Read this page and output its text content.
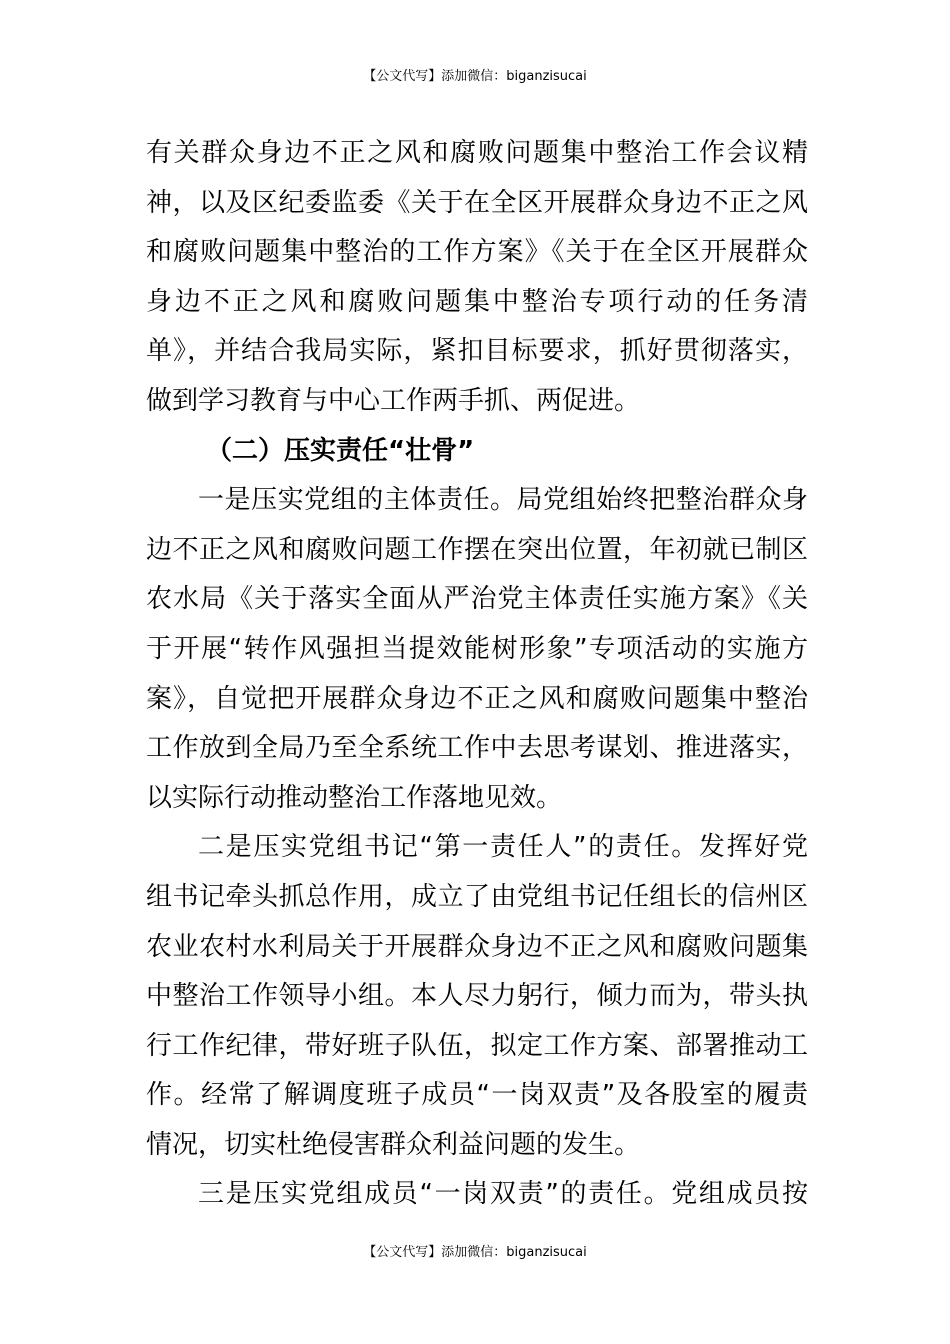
【公文代写】添加微信：biganzisucai
有关群众身边不正之风和腐败问题集中整治工作会议精
神，以及区纪委监委《关于在全区开展群众身边不正之风
和腐败问题集中整治的工作方案》《关于在全区开展群众
身边不正之风和腐败问题集中整治专项行动的任务清
单》，并结合我局实际，紧扣目标要求，抓好贯彻落实，
做到学习教育与中心工作两手抓、两促进。
（二）压实责任“壮骨”
一是压实党组的主体责任。局党组始终把整治群众身
边不正之风和腐败问题工作摆在突出位置，年初就已制区
农水局《关于落实全面从严治党主体责任实施方案》《关
于开展“转作风强担当提效能树形象”专项活动的实施方
案》，自觉把开展群众身边不正之风和腐败问题集中整治
工作放到全局乃至全系统工作中去思考谋划、推进落实，
以实际行动推动整治工作落地见效。
二是压实党组书记“第一责任人”的责任。发挥好党
组书记牵头抓总作用，成立了由党组书记任组长的信州区
农业农村水利局关于开展群众身边不正之风和腐败问题集
中整治工作领导小组。本人尽力躬行，倾力而为，带头执
行工作纪律，带好班子队伍，拟定工作方案、部署推动工
作。经常了解调度班子成员“一岗双责”及各股室的履责
情况，切实杜绝侵害群众利益问题的发生。
三是压实党组成员“一岗双责”的责任。党组成员按
【公文代写】添加微信：biganzisucai
